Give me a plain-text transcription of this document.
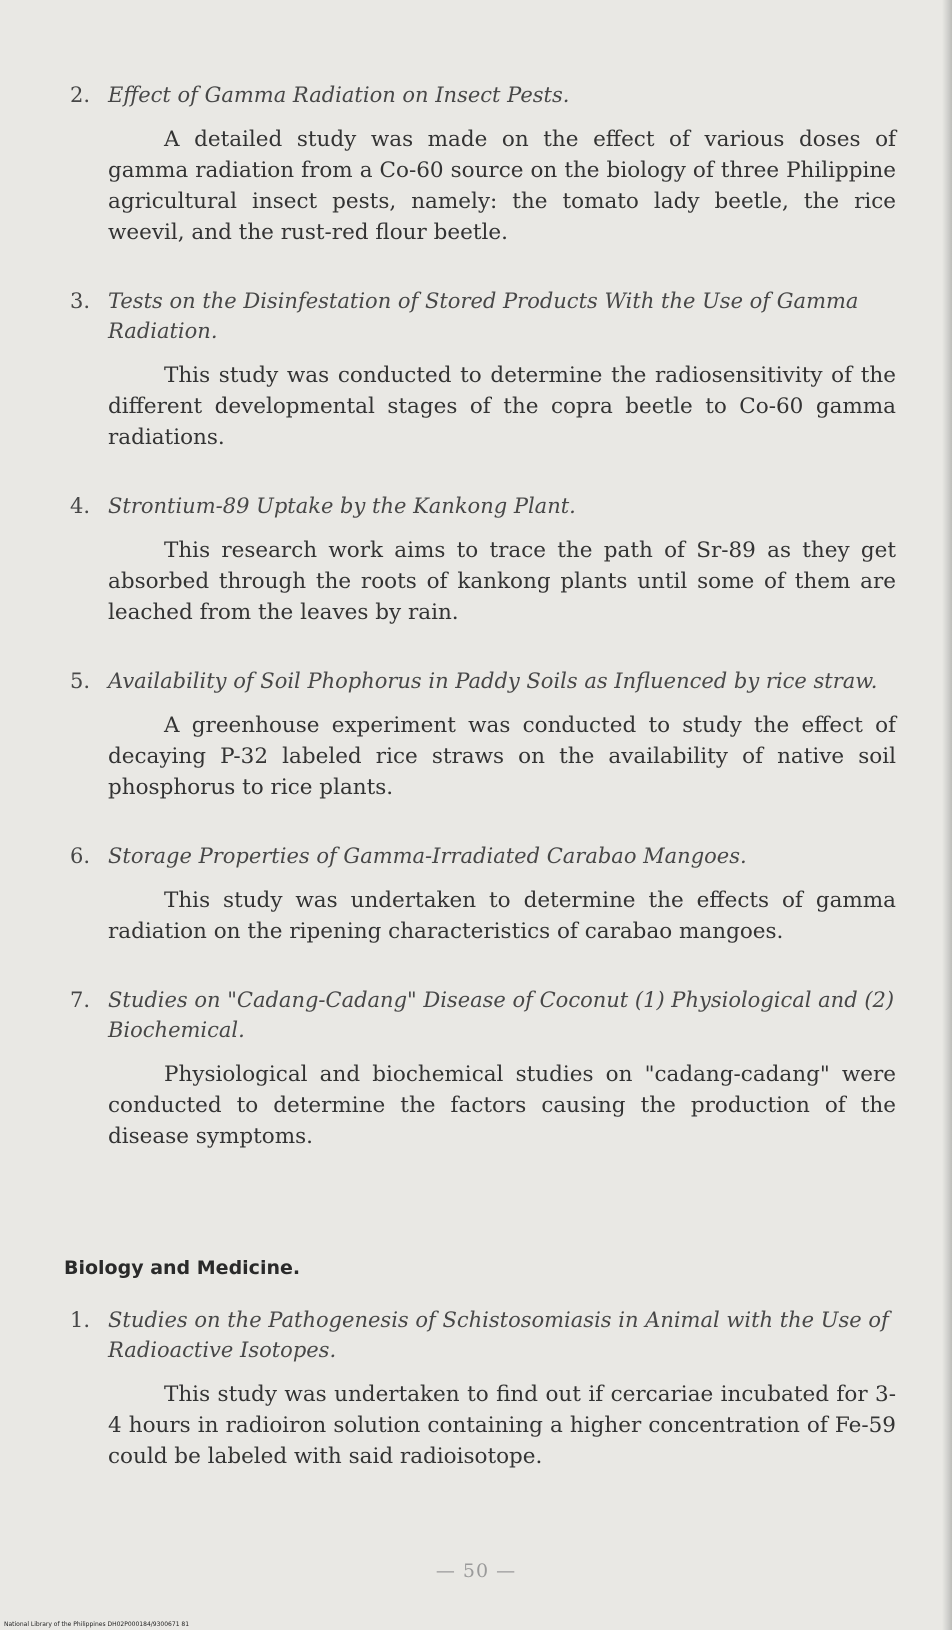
2. Effect of Gamma Radiation on Insect Pests.

A detailed study was made on the effect of various doses of gamma radiation from a Co-60 source on the biology of three Philippine agricultural insect pests, namely: the tomato lady beetle, the rice weevil, and the rust-red flour beetle.

3. Tests on the Disinfestation of Stored Products With the Use of Gamma Radiation.

This study was conducted to determine the radiosensitivity of the different developmental stages of the copra beetle to Co-60 gamma radiations.

4. Strontium-89 Uptake by the Kankong Plant.

This research work aims to trace the path of Sr-89 as they get absorbed through the roots of kankong plants until some of them are leached from the leaves by rain.

5. Availability of Soil Phophorus in Paddy Soils as Influenced by rice straw.

A greenhouse experiment was conducted to study the effect of decaying P-32 labeled rice straws on the availability of native soil phosphorus to rice plants.

6. Storage Properties of Gamma-Irradiated Carabao Mangoes.

This study was undertaken to determine the effects of gamma radiation on the ripening characteristics of carabao mangoes.

7. Studies on "Cadang-Cadang" Disease of Coconut (1) Physiological and (2) Biochemical.

Physiological and biochemical studies on "cadang-cadang" were conducted to determine the factors causing the production of the disease symptoms.

Biology and Medicine.
1. Studies on the Pathogenesis of Schistosomiasis in Animal with the Use of Radioactive Isotopes.

This study was undertaken to find out if cercariae incubated for 3-4 hours in radioiron solution containing a higher concentration of Fe-59 could be labeled with said radioisotope.

— 50 —
National Library of the Philippines DH02P000184/9300671 81
